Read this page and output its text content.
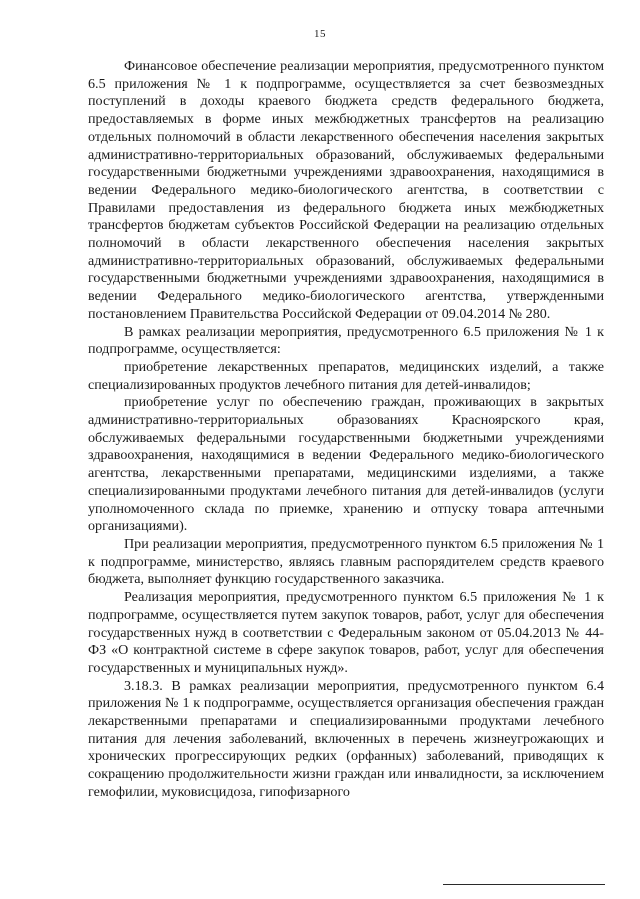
15

Финансовое обеспечение реализации мероприятия, предусмотренного пунктом 6.5 приложения № 1 к подпрограмме, осуществляется за счет безвозмездных поступлений в доходы краевого бюджета средств федерального бюджета, предоставляемых в форме иных межбюджетных трансфертов на реализацию отдельных полномочий в области лекарственного обеспечения населения закрытых административно-территориальных образований, обслуживаемых федеральными государственными бюджетными учреждениями здравоохранения, находящимися в ведении Федерального медико-биологического агентства, в соответствии с Правилами предоставления из федерального бюджета иных межбюджетных трансфертов бюджетам субъектов Российской Федерации на реализацию отдельных полномочий в области лекарственного обеспечения населения закрытых административно-территориальных образований, обслуживаемых федеральными государственными бюджетными учреждениями здравоохранения, находящимися в ведении Федерального медико-биологического агентства, утвержденными постановлением Правительства Российской Федерации от 09.04.2014 № 280.

В рамках реализации мероприятия, предусмотренного 6.5 приложения № 1 к подпрограмме, осуществляется:

приобретение лекарственных препаратов, медицинских изделий, а также специализированных продуктов лечебного питания для детей-инвалидов;

приобретение услуг по обеспечению граждан, проживающих в закрытых административно-территориальных образованиях Красноярского края, обслуживаемых федеральными государственными бюджетными учреждениями здравоохранения, находящимися в ведении Федерального медико-биологического агентства, лекарственными препаратами, медицинскими изделиями, а также специализированными продуктами лечебного питания для детей-инвалидов (услуги уполномоченного склада по приемке, хранению и отпуску товара аптечными организациями).

При реализации мероприятия, предусмотренного пунктом 6.5 приложения № 1 к подпрограмме, министерство, являясь главным распорядителем средств краевого бюджета, выполняет функцию государственного заказчика.

Реализация мероприятия, предусмотренного пунктом 6.5 приложения № 1 к подпрограмме, осуществляется путем закупок товаров, работ, услуг для обеспечения государственных нужд в соответствии с Федеральным законом от 05.04.2013 № 44-ФЗ «О контрактной системе в сфере закупок товаров, работ, услуг для обеспечения государственных и муниципальных нужд».

3.18.3. В рамках реализации мероприятия, предусмотренного пунктом 6.4 приложения № 1 к подпрограмме, осуществляется организация обеспечения граждан лекарственными препаратами и специализированными продуктами лечебного питания для лечения заболеваний, включенных в перечень жизнеугрожающих и хронических прогрессирующих редких (орфанных) заболеваний, приводящих к сокращению продолжительности жизни граждан или инвалидности, за исключением гемофилии, муковисцидоза, гипофизарного
